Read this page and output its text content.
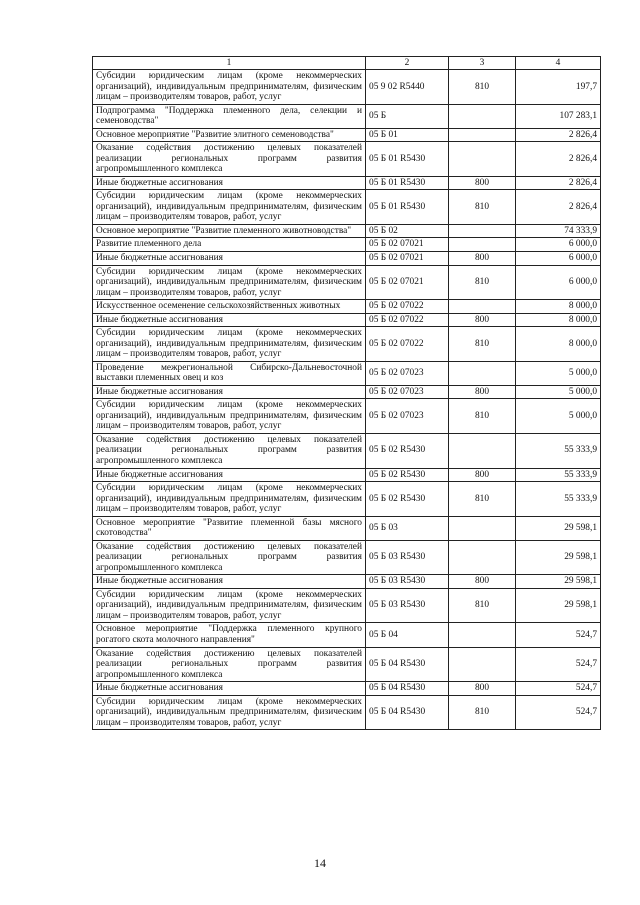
1	2	3	4
Субсидии юридическим лицам (кроме некоммерческих организаций), индивидуальным предпринимателям, физическим лицам – производителям товаров, работ, услуг	05 9 02 R5440	810	197,7
Подпрограмма "Поддержка племенного дела, селекции и семеноводства"	05 Б		107 283,1
Основное мероприятие "Развитие элитного семеноводства"	05 Б 01		2 826,4
Оказание содействия достижению целевых показателей реализации региональных программ развития агропромышленного комплекса	05 Б 01 R5430		2 826,4
Иные бюджетные ассигнования	05 Б 01 R5430	800	2 826,4
Субсидии юридическим лицам (кроме некоммерческих организаций), индивидуальным предпринимателям, физическим лицам – производителям товаров, работ, услуг	05 Б 01 R5430	810	2 826,4
Основное мероприятие "Развитие племенного животноводства"	05 Б 02		74 333,9
Развитие племенного дела	05 Б 02 07021		6 000,0
Иные бюджетные ассигнования	05 Б 02 07021	800	6 000,0
Субсидии юридическим лицам (кроме некоммерческих организаций), индивидуальным предпринимателям, физическим лицам – производителям товаров, работ, услуг	05 Б 02 07021	810	6 000,0
Искусственное осеменение сельскохозяйственных животных	05 Б 02 07022		8 000,0
Иные бюджетные ассигнования	05 Б 02 07022	800	8 000,0
Субсидии юридическим лицам (кроме некоммерческих организаций), индивидуальным предпринимателям, физическим лицам – производителям товаров, работ, услуг	05 Б 02 07022	810	8 000,0
Проведение межрегиональной Сибирско-Дальневосточной выставки племенных овец и коз	05 Б 02 07023		5 000,0
Иные бюджетные ассигнования	05 Б 02 07023	800	5 000,0
Субсидии юридическим лицам (кроме некоммерческих организаций), индивидуальным предпринимателям, физическим лицам – производителям товаров, работ, услуг	05 Б 02 07023	810	5 000,0
Оказание содействия достижению целевых показателей реализации региональных программ развития агропромышленного комплекса	05 Б 02 R5430		55 333,9
Иные бюджетные ассигнования	05 Б 02 R5430	800	55 333,9
Субсидии юридическим лицам (кроме некоммерческих организаций), индивидуальным предпринимателям, физическим лицам – производителям товаров, работ, услуг	05 Б 02 R5430	810	55 333,9
Основное мероприятие "Развитие племенной базы мясного скотоводства"	05 Б 03		29 598,1
Оказание содействия достижению целевых показателей реализации региональных программ развития агропромышленного комплекса	05 Б 03 R5430		29 598,1
Иные бюджетные ассигнования	05 Б 03 R5430	800	29 598,1
Субсидии юридическим лицам (кроме некоммерческих организаций), индивидуальным предпринимателям, физическим лицам – производителям товаров, работ, услуг	05 Б 03 R5430	810	29 598,1
Основное мероприятие "Поддержка племенного крупного рогатого скота молочного направления"	05 Б 04		524,7
Оказание содействия достижению целевых показателей реализации региональных программ развития агропромышленного комплекса	05 Б 04 R5430		524,7
Иные бюджетные ассигнования	05 Б 04 R5430	800	524,7
Субсидии юридическим лицам (кроме некоммерческих организаций), индивидуальным предпринимателям, физическим лицам – производителям товаров, работ, услуг	05 Б 04 R5430	810	524,7
14
